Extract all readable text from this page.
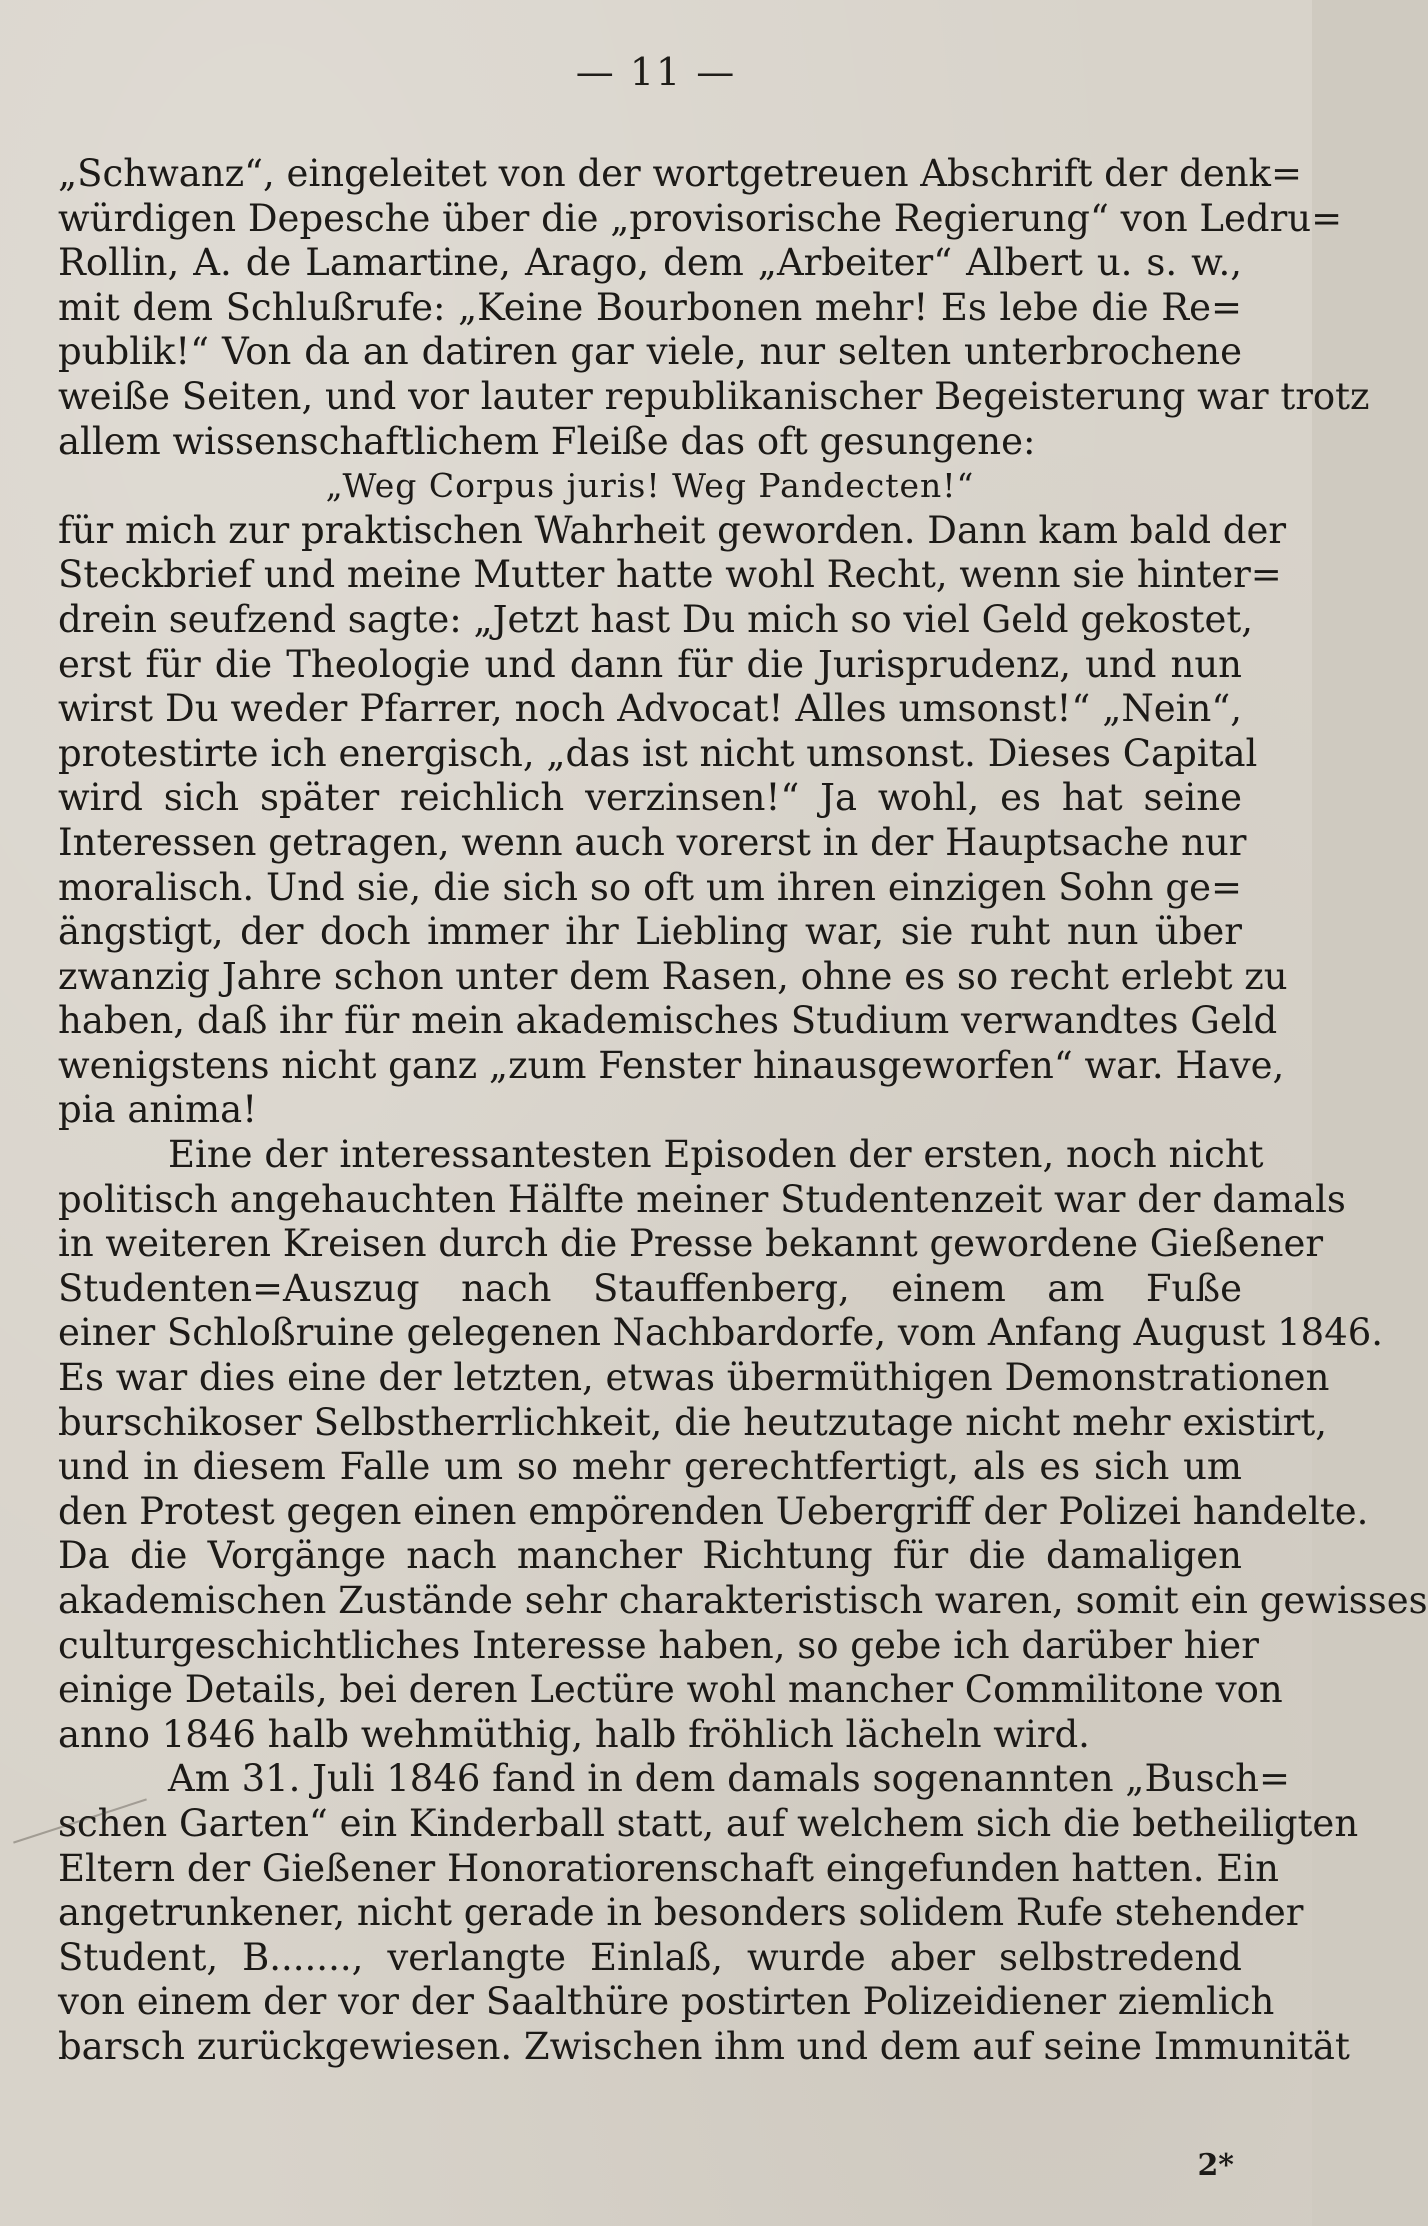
— 11 —
„Schwanz“, eingeleitet von der wortgetreuen Abschrift der denk=
würdigen Depesche über die „provisorische Regierung“ von Ledru=
Rollin, A. de Lamartine, Arago, dem „Arbeiter“ Albert u. s. w.,
mit dem Schlußrufe: „Keine Bourbonen mehr! Es lebe die Re=
publik!“ Von da an datiren gar viele, nur selten unterbrochene
weiße Seiten, und vor lauter republikanischer Begeisterung war trotz
allem wissenschaftlichem Fleiße das oft gesungene:
„Weg Corpus juris! Weg Pandecten!“
für mich zur praktischen Wahrheit geworden. Dann kam bald der
Steckbrief und meine Mutter hatte wohl Recht, wenn sie hinter=
drein seufzend sagte: „Jetzt hast Du mich so viel Geld gekostet,
erst für die Theologie und dann für die Jurisprudenz, und nun
wirst Du weder Pfarrer, noch Advocat! Alles umsonst!“ „Nein“,
protestirte ich energisch, „das ist nicht umsonst. Dieses Capital
wird sich später reichlich verzinsen!“ Ja wohl, es hat seine
Interessen getragen, wenn auch vorerst in der Hauptsache nur
moralisch. Und sie, die sich so oft um ihren einzigen Sohn ge=
ängstigt, der doch immer ihr Liebling war, sie ruht nun über
zwanzig Jahre schon unter dem Rasen, ohne es so recht erlebt zu
haben, daß ihr für mein akademisches Studium verwandtes Geld
wenigstens nicht ganz „zum Fenster hinausgeworfen“ war. Have,
pia anima!
Eine der interessantesten Episoden der ersten, noch nicht
politisch angehauchten Hälfte meiner Studentenzeit war der damals
in weiteren Kreisen durch die Presse bekannt gewordene Gießener
Studenten=Auszug nach Stauffenberg, einem am Fuße
einer Schloßruine gelegenen Nachbardorfe, vom Anfang August 1846.
Es war dies eine der letzten, etwas übermüthigen Demonstrationen
burschikoser Selbstherrlichkeit, die heutzutage nicht mehr existirt,
und in diesem Falle um so mehr gerechtfertigt, als es sich um
den Protest gegen einen empörenden Uebergriff der Polizei handelte.
Da die Vorgänge nach mancher Richtung für die damaligen
akademischen Zustände sehr charakteristisch waren, somit ein gewisses
culturgeschichtliches Interesse haben, so gebe ich darüber hier
einige Details, bei deren Lectüre wohl mancher Commilitone von
anno 1846 halb wehmüthig, halb fröhlich lächeln wird.
Am 31. Juli 1846 fand in dem damals sogenannten „Busch=
schen Garten“ ein Kinderball statt, auf welchem sich die betheiligten
Eltern der Gießener Honoratiorenschaft eingefunden hatten. Ein
angetrunkener, nicht gerade in besonders solidem Rufe stehender
Student, B......., verlangte Einlaß, wurde aber selbstredend
von einem der vor der Saalthüre postirten Polizeidiener ziemlich
barsch zurückgewiesen. Zwischen ihm und dem auf seine Immunität
2*
